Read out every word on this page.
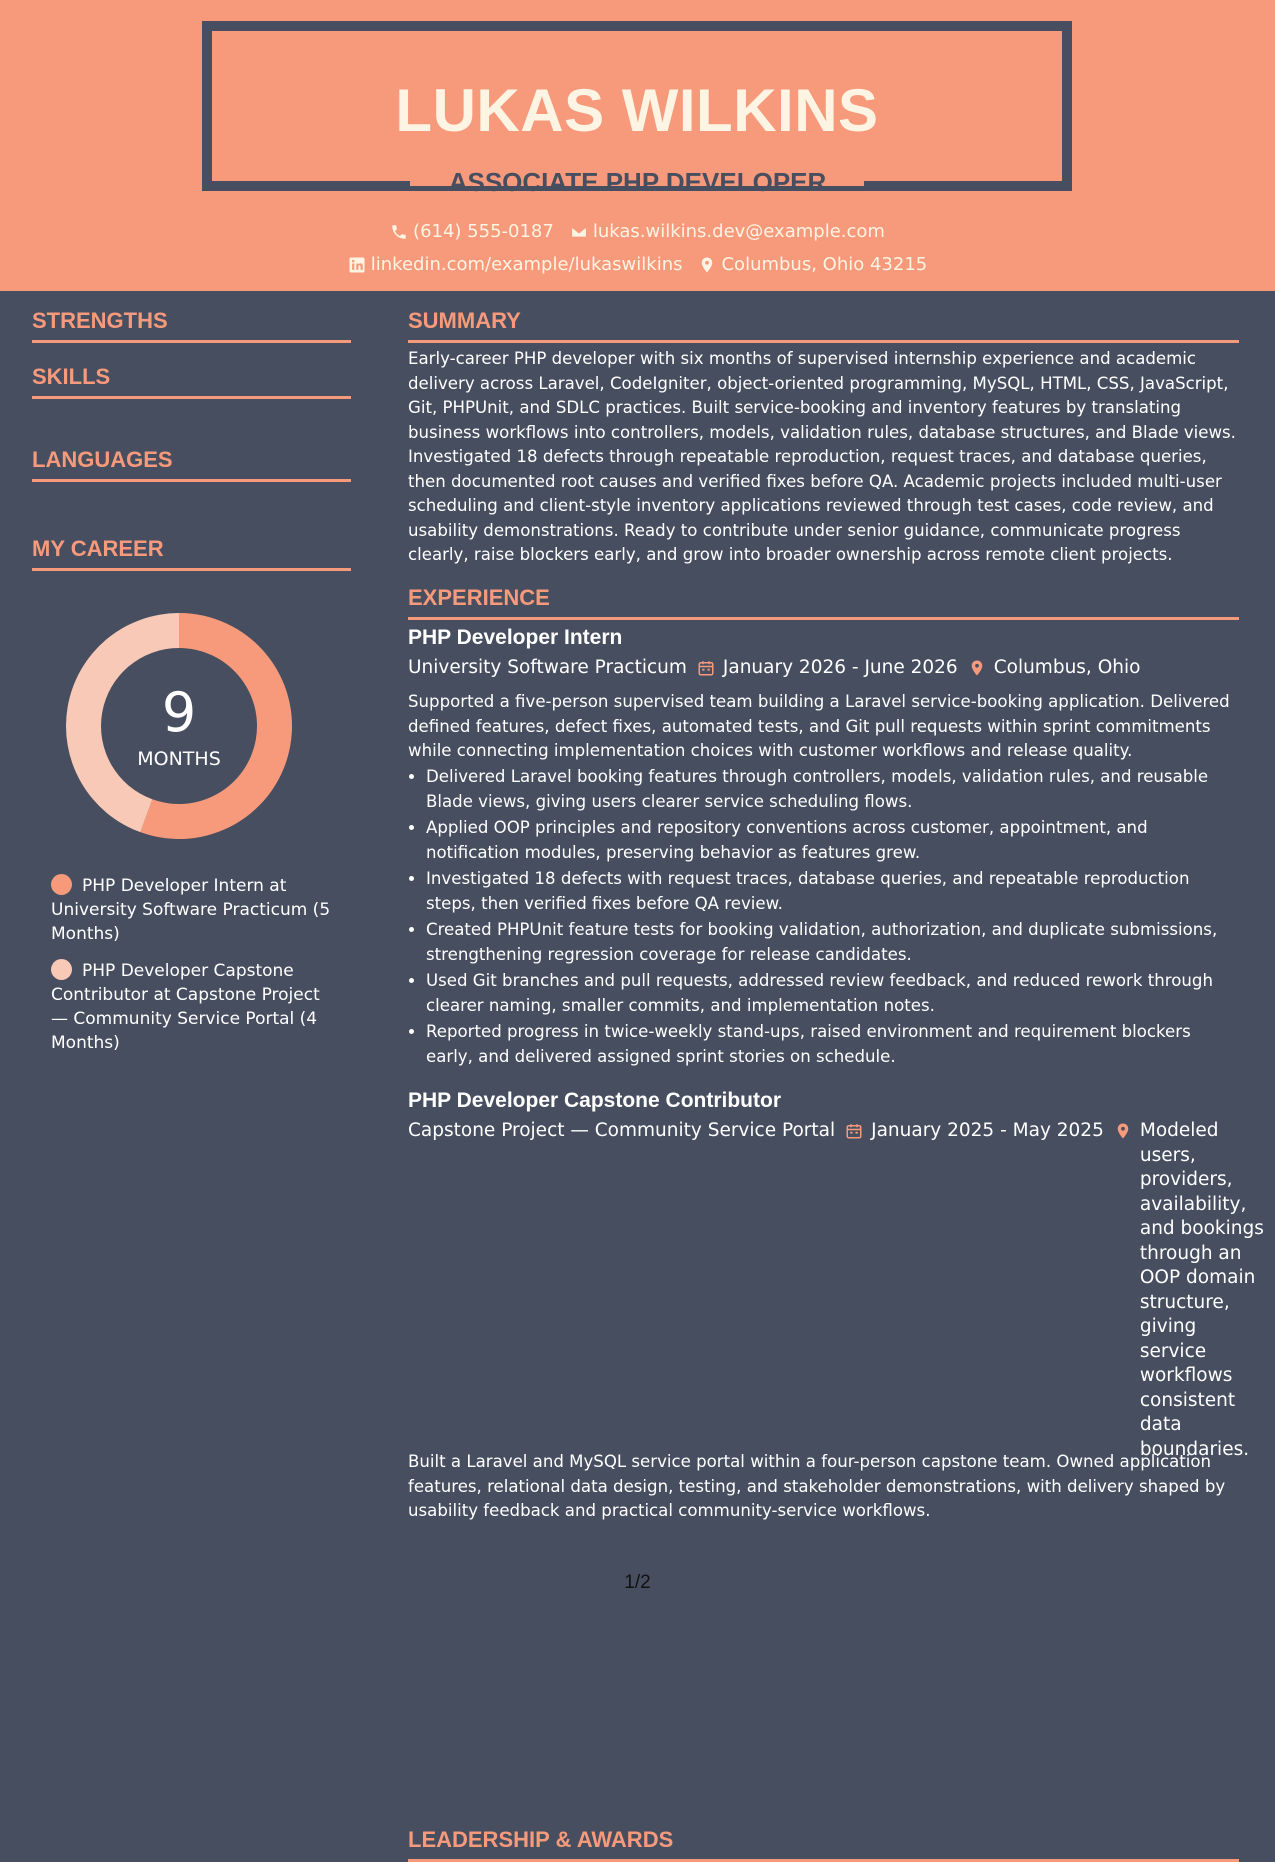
LUKAS WILKINS
ASSOCIATE PHP DEVELOPER
(614) 555-0187 lukas.wilkins.dev@example.com
linkedin.com/example/lukaswilkins Columbus, Ohio 43215
STRENGTHS
SKILLS
LANGUAGES
MY CAREER
9
MONTHS
PHP Developer Intern at University Software Practicum (5 Months)
PHP Developer Capstone Contributor at Capstone Project — Community Service Portal (4 Months)
SUMMARY
Early-career PHP developer with six months of supervised internship experience and academic delivery across Laravel, CodeIgniter, object-oriented programming, MySQL, HTML, CSS, JavaScript, Git, PHPUnit, and SDLC practices. Built service-booking and inventory features by translating business workflows into controllers, models, validation rules, database structures, and Blade views. Investigated 18 defects through repeatable reproduction, request traces, and database queries, then documented root causes and verified fixes before QA. Academic projects included multi-user scheduling and client-style inventory applications reviewed through test cases, code review, and usability demonstrations. Ready to contribute under senior guidance, communicate progress clearly, raise blockers early, and grow into broader ownership across remote client projects.
EXPERIENCE
PHP Developer Intern
University Software Practicum January 2026 - June 2026 Columbus, Ohio
Supported a five-person supervised team building a Laravel service-booking application. Delivered defined features, defect fixes, automated tests, and Git pull requests within sprint commitments while connecting implementation choices with customer workflows and release quality.
• Delivered Laravel booking features through controllers, models, validation rules, and reusable Blade views, giving users clearer service scheduling flows.
• Applied OOP principles and repository conventions across customer, appointment, and notification modules, preserving behavior as features grew.
• Investigated 18 defects with request traces, database queries, and repeatable reproduction steps, then verified fixes before QA review.
• Created PHPUnit feature tests for booking validation, authorization, and duplicate submissions, strengthening regression coverage for release candidates.
• Used Git branches and pull requests, addressed review feedback, and reduced rework through clearer naming, smaller commits, and implementation notes.
• Reported progress in twice-weekly stand-ups, raised environment and requirement blockers early, and delivered assigned sprint stories on schedule.
PHP Developer Capstone Contributor
Capstone Project — Community Service Portal January 2025 - May 2025 Modeled users, providers, availability, and bookings through an OOP domain structure, giving service workflows consistent data boundaries.
Built a Laravel and MySQL service portal within a four-person capstone team. Owned application features, relational data design, testing, and stakeholder demonstrations, with delivery shaped by usability feedback and practical community-service workflows.
LEADERSHIP & AWARDS
1/2
